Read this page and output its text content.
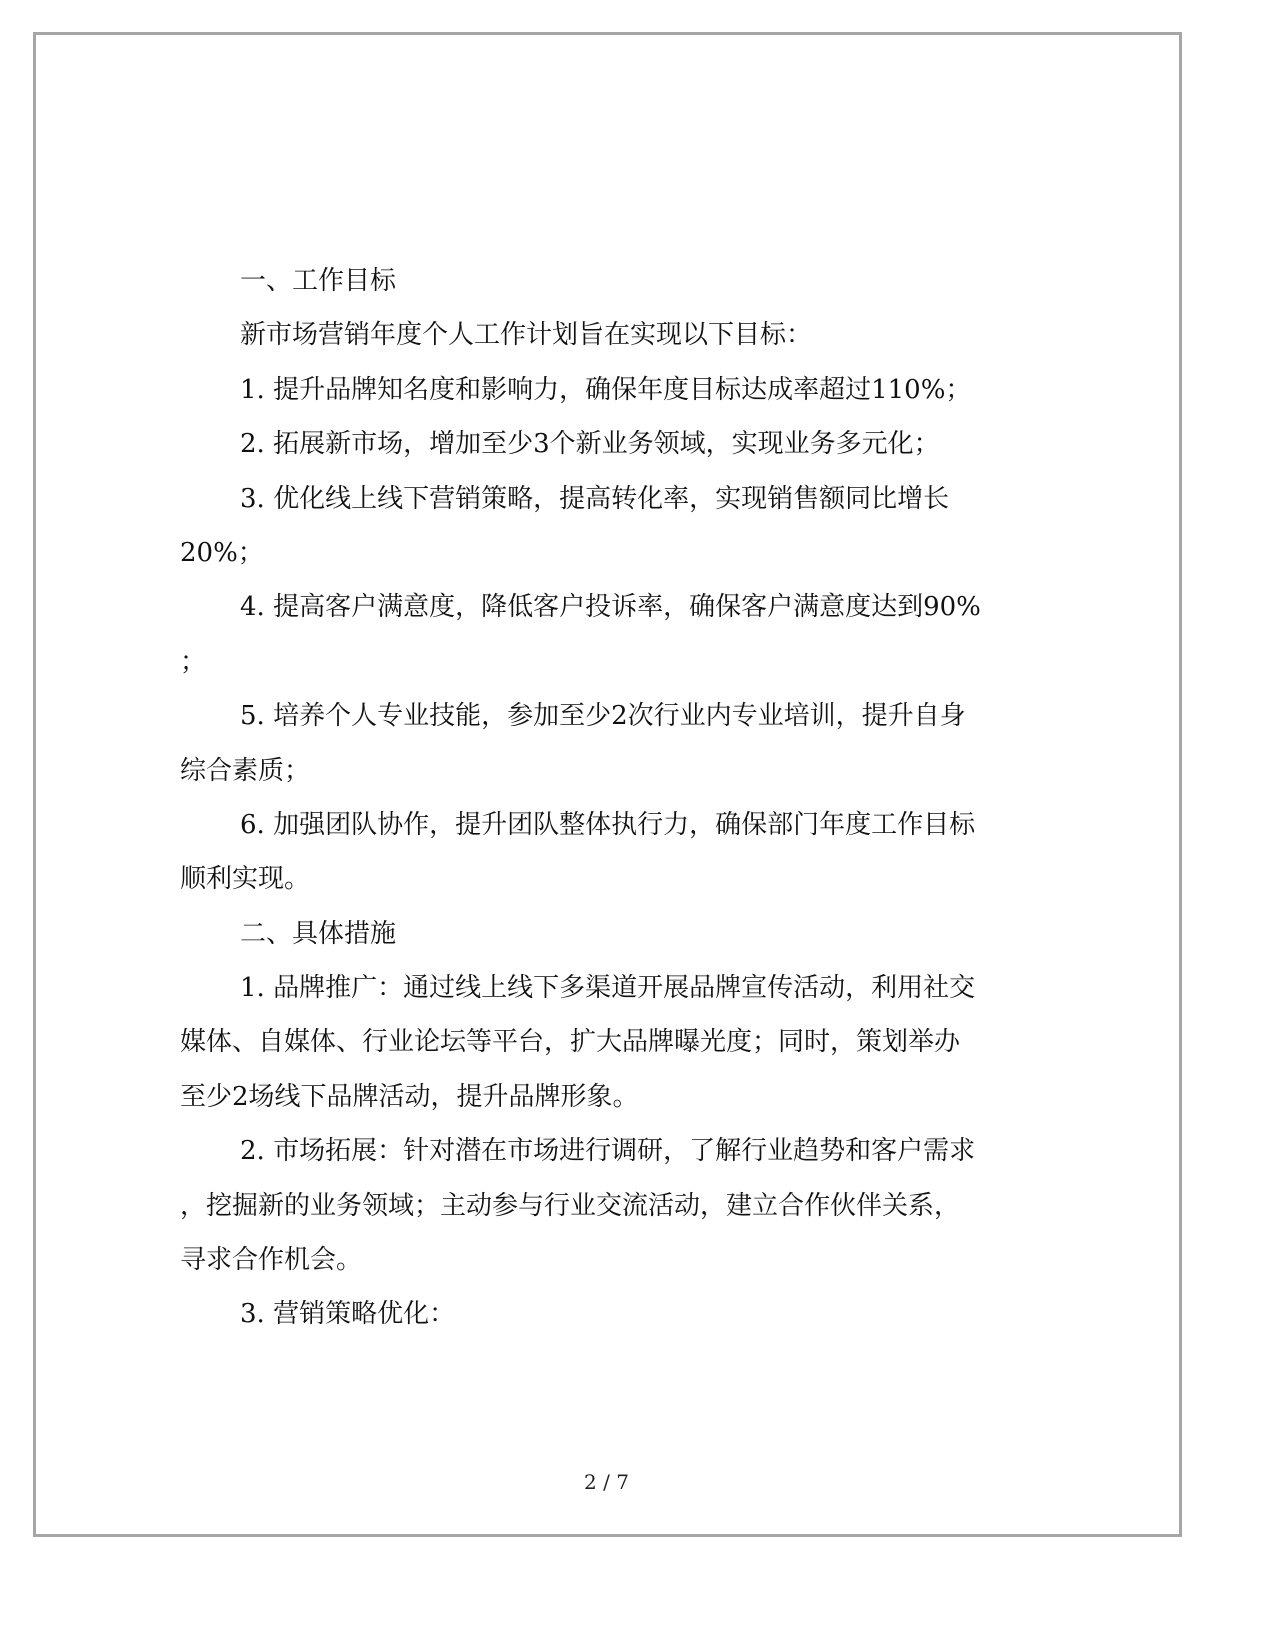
一、工作目标
新市场营销年度个人工作计划旨在实现以下目标：
1. 提升品牌知名度和影响力，确保年度目标达成率超过110%；
2. 拓展新市场，增加至少3个新业务领域，实现业务多元化；
3. 优化线上线下营销策略，提高转化率，实现销售额同比增长
20%；
4. 提高客户满意度，降低客户投诉率，确保客户满意度达到90%
；
5. 培养个人专业技能，参加至少2次行业内专业培训，提升自身
综合素质；
6. 加强团队协作，提升团队整体执行力，确保部门年度工作目标
顺利实现。
二、具体措施
1. 品牌推广：通过线上线下多渠道开展品牌宣传活动，利用社交
媒体、自媒体、行业论坛等平台，扩大品牌曝光度；同时，策划举办
至少2场线下品牌活动，提升品牌形象。
2. 市场拓展：针对潜在市场进行调研，了解行业趋势和客户需求
，挖掘新的业务领域；主动参与行业交流活动，建立合作伙伴关系，
寻求合作机会。
3. 营销策略优化：
2 / 7
